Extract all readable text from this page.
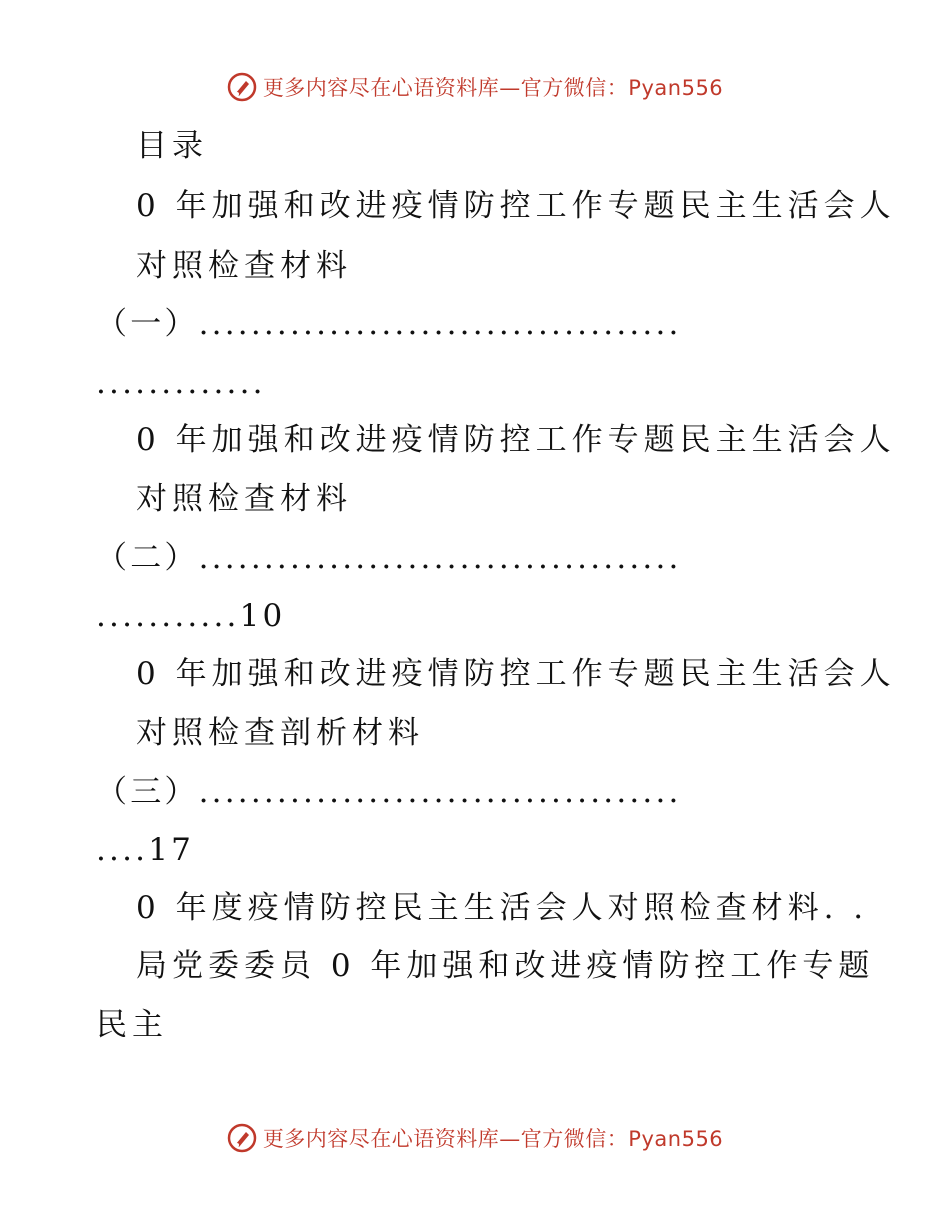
更多内容尽在心语资料库—官方微信：Pyan556
目录
0 年加强和改进疫情防控工作专题民主生活会人
对照检查材料
（一）.....................................
.............
0 年加强和改进疫情防控工作专题民主生活会人
对照检查材料
（二）.....................................
...........10
0 年加强和改进疫情防控工作专题民主生活会人
对照检查剖析材料
（三）.....................................
....17
0 年度疫情防控民主生活会人对照检查材料. .
局党委委员 0 年加强和改进疫情防控工作专题
民主
更多内容尽在心语资料库—官方微信：Pyan556
